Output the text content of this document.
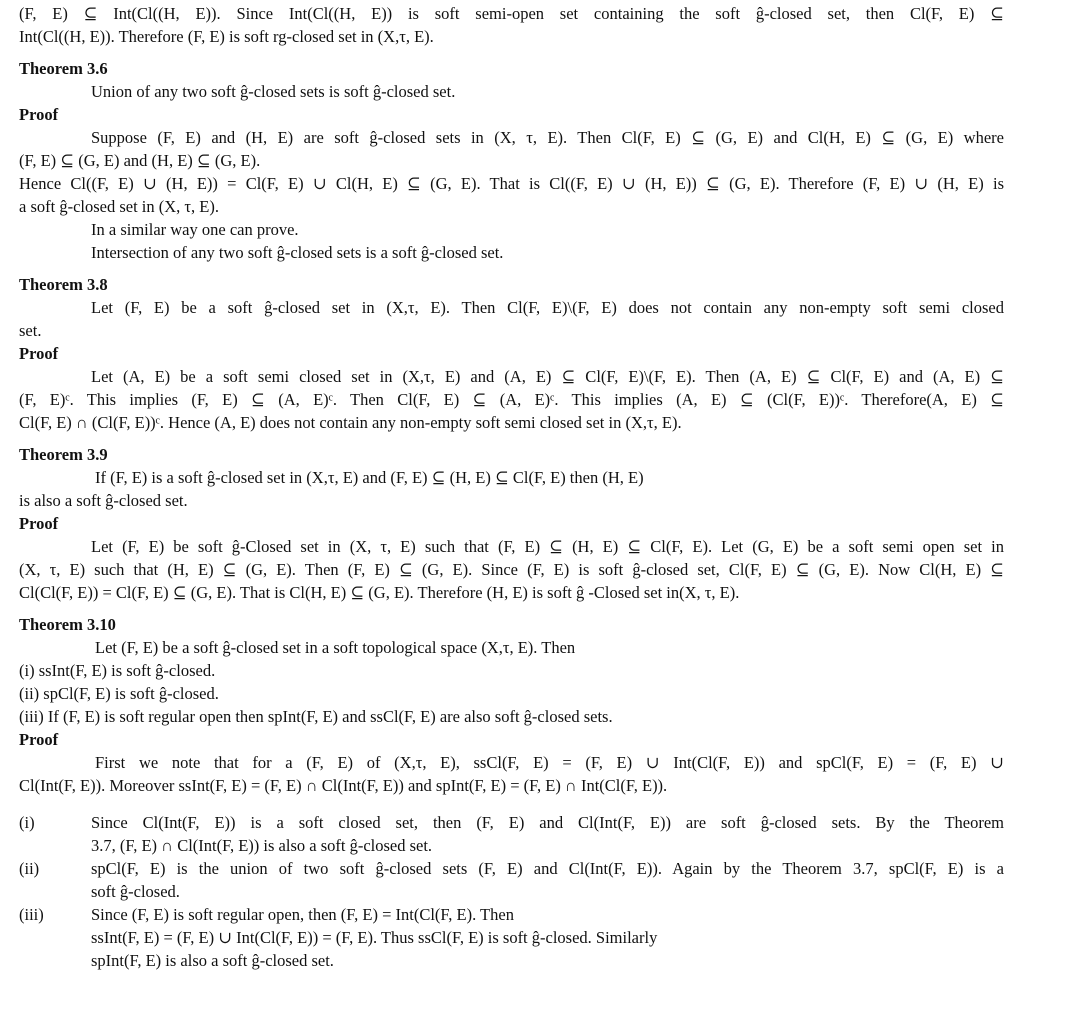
(F, E) ⊆ Int(Cl((H, E)). Since Int(Cl((H, E)) is soft semi-open set containing the soft ĝ-closed set, then Cl(F, E) ⊆

Int(Cl((H, E)). Therefore (F, E) is soft rg-closed set in (X,τ, E).

Theorem 3.6

Union of any two soft ĝ-closed sets is soft ĝ-closed set.

Proof

Suppose (F, E) and (H, E) are soft ĝ-closed sets in (X, τ, E). Then Cl(F, E) ⊆ (G, E) and Cl(H, E) ⊆ (G, E) where

(F, E) ⊆ (G, E) and (H, E) ⊆ (G, E).

Hence Cl((F, E) ∪ (H, E)) = Cl(F, E) ∪ Cl(H, E) ⊆ (G, E). That is Cl((F, E) ∪ (H, E)) ⊆ (G, E). Therefore (F, E) ∪ (H, E) is

a soft ĝ-closed set in (X, τ, E).

In a similar way one can prove.

Intersection of any two soft ĝ-closed sets is a soft ĝ-closed set.

Theorem 3.8

Let (F, E) be a soft ĝ-closed set in (X,τ, E). Then Cl(F, E)\(F, E) does not contain any non-empty soft semi closed

set.

Proof

Let (A, E) be a soft semi closed set in (X,τ, E) and (A, E) ⊆ Cl(F, E)\(F, E). Then (A, E) ⊆ Cl(F, E) and (A, E) ⊆

(F, E)ᶜ. This implies (F, E) ⊆ (A, E)ᶜ. Then Cl(F, E) ⊆ (A, E)ᶜ. This implies (A, E) ⊆ (Cl(F, E))ᶜ. Therefore(A, E) ⊆

Cl(F, E) ∩ (Cl(F, E))ᶜ. Hence (A, E) does not contain any non-empty soft semi closed set in (X,τ, E).

Theorem 3.9

If (F, E) is a soft ĝ-closed set in (X,τ, E) and (F, E) ⊆ (H, E) ⊆ Cl(F, E) then (H, E)

is also a soft ĝ-closed set.

Proof

Let (F, E) be soft ĝ-Closed set in (X, τ, E) such that (F, E) ⊆ (H, E) ⊆ Cl(F, E). Let (G, E) be a soft semi open set in

(X, τ, E) such that (H, E) ⊆ (G, E). Then (F, E) ⊆ (G, E). Since (F, E) is soft ĝ-closed set, Cl(F, E) ⊆ (G, E). Now Cl(H, E) ⊆

Cl(Cl(F, E)) = Cl(F, E) ⊆ (G, E). That is Cl(H, E) ⊆ (G, E). Therefore (H, E) is soft ĝ -Closed set in(X, τ, E).

Theorem 3.10

Let (F, E) be a soft ĝ-closed set in a soft topological space (X,τ, E). Then

(i) ssInt(F, E) is soft ĝ-closed.

(ii) spCl(F, E) is soft ĝ-closed.

(iii) If (F, E) is soft regular open then spInt(F, E) and ssCl(F, E) are also soft ĝ-closed sets.

Proof

First we note that for a (F, E) of (X,τ, E), ssCl(F, E) = (F, E) ∪ Int(Cl(F, E)) and spCl(F, E) = (F, E) ∪

Cl(Int(F, E)). Moreover ssInt(F, E) = (F, E) ∩ Cl(Int(F, E)) and spInt(F, E) = (F, E) ∩ Int(Cl(F, E)).

(i)	Since Cl(Int(F, E)) is a soft closed set, then (F, E) and Cl(Int(F, E)) are soft ĝ-closed sets. By the Theorem

3.7, (F, E) ∩ Cl(Int(F, E)) is also a soft ĝ-closed set.

(ii)	spCl(F, E) is the union of two soft ĝ-closed sets (F, E) and Cl(Int(F, E)). Again by the Theorem 3.7, spCl(F, E) is a

soft ĝ-closed.

(iii)	Since (F, E) is soft regular open, then (F, E) = Int(Cl(F, E). Then

ssInt(F, E) = (F, E) ∪ Int(Cl(F, E)) = (F, E). Thus ssCl(F, E) is soft ĝ-closed. Similarly

spInt(F, E) is also a soft ĝ-closed set.
